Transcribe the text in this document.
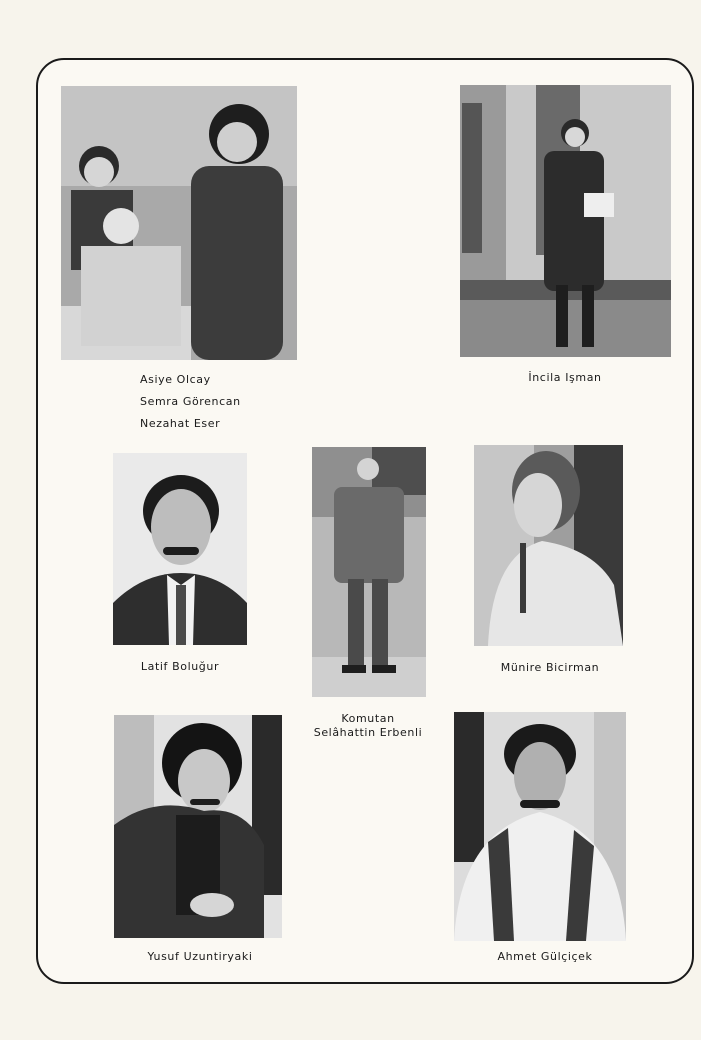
Asiye Olcay
Semra Görencan
Nezahat Eser
İncila Işman
Latif Boluğur	Münire Bicirman
Komutan
Selâhattin Erbenli
Yusuf Uzuntiryaki	Ahmet Gülçiçek
